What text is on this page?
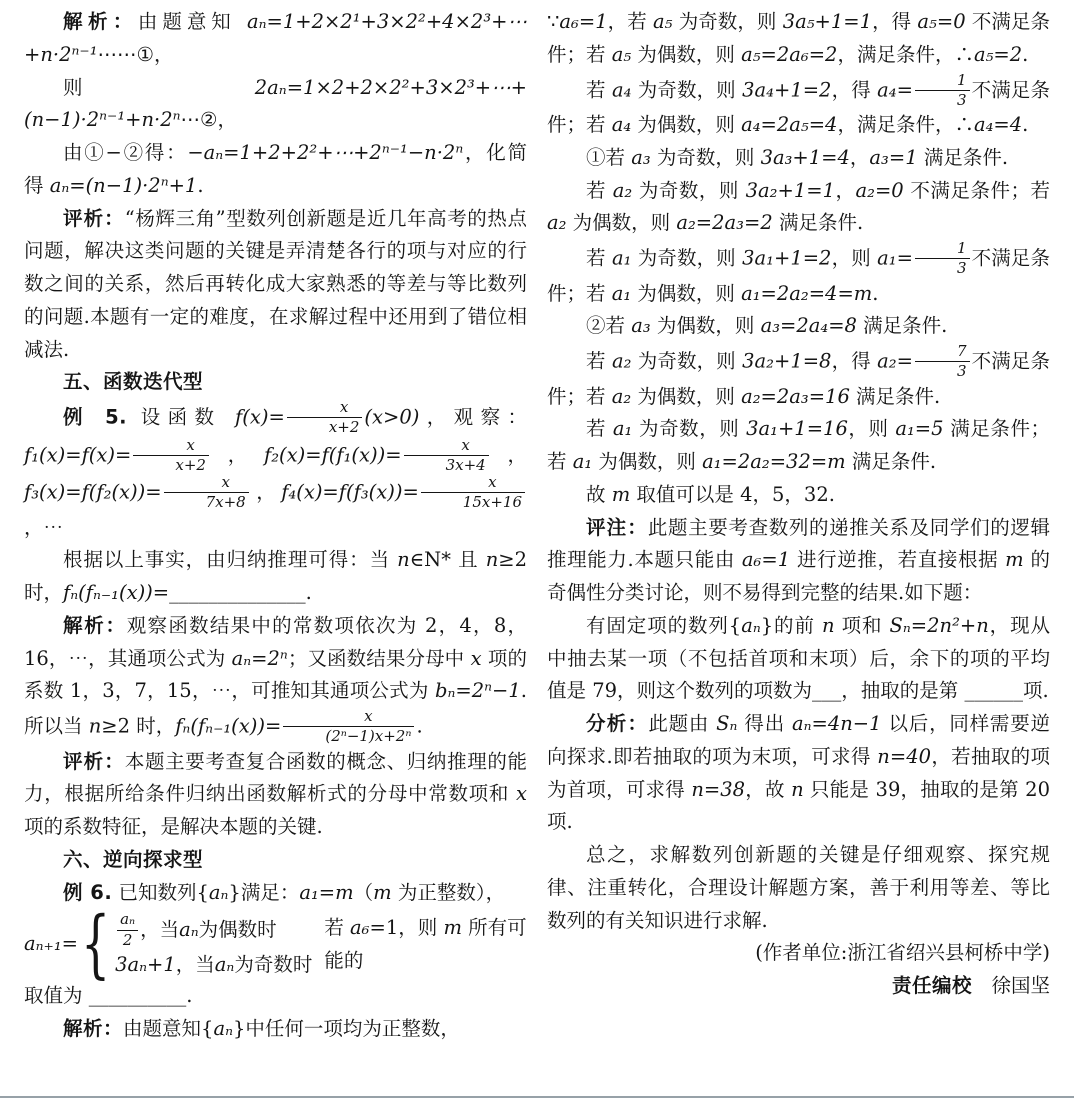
解析：由题意知 aₙ=1+2×2¹+3×2²+4×2³+⋯+n·2ⁿ⁻¹⋯⋯①，

则 2aₙ=1×2+2×2²+3×2³+⋯+(n−1)·2ⁿ⁻¹+n·2ⁿ⋯②，

由①−②得：−aₙ=1+2+2²+⋯+2ⁿ⁻¹−n·2ⁿ，化简得 aₙ=(n−1)·2ⁿ+1.

评析：“杨辉三角”型数列创新题是近几年高考的热点问题，解决这类问题的关键是弄清楚各行的项与对应的行数之间的关系，然后再转化成大家熟悉的等差与等比数列的问题.本题有一定的难度，在求解过程中还用到了错位相减法.

五、函数迭代型

例 5. 设函数 $f(x)= \frac{x}{x+2} (x>0)$，观察：$f_1(x)=f(x)= \frac{x}{x+2}$ ，$f_2(x)=f(f_1(x))= \frac{x}{3x+4}$ ，$f_3(x)=f(f_2(x))= \frac{x}{7x+8}$ ，$f_4(x)=f(f_3(x))= \frac{x}{15x+16}$
，⋯

根据以上事实，由归纳推理可得：当 n∈N* 且 n≥2 时，fₙ(fₙ₋₁(x))=______________.

解析：观察函数结果中的常数项依次为 2，4，8，16，⋯，其通项公式为 aₙ=2ⁿ；又函数结果分母中 x 项的系数 1，3，7，15，⋯，可推知其通项公式为 bₙ=2ⁿ−1.所以当 n≥2 时，$f_n(f_{n-1}(x))= \frac{x}{\text{(2ⁿ−1)x+2ⁿ}}$ .

评析：本题主要考查复合函数的概念、归纳推理的能力，根据所给条件归纳出函数解析式的分母中常数项和 x 项的系数特征，是解决本题的关键.

六、逆向探求型

例 6. 已知数列{aₙ}满足：a₁=m（m 为正整数），

aₙ₊₁= { $\frac{\text{aₙ}}{2}$ ，当 aₙ 为偶数时
3aₙ+1 ，当 aₙ 为奇数时
若 a₆=1，则 m 所有可能的

取值为 __________.

解析：由题意知{aₙ}中任何一项均为正整数，

∵a₆=1，若 a₅ 为奇数，则 3a₅+1=1，得 a₅=0 不满足条件；若 a₅ 为偶数，则 a₅=2a₆=2，满足条件，∴a₅=2.

若 a₄ 为奇数，则 3a₄+1=2，得 $a_4= \frac{1}{3}$ 不满足条件；若 a₄ 为偶数，则 a₄=2a₅=4，满足条件，∴a₄=4.

①若 a₃ 为奇数，则 3a₃+1=4，a₃=1 满足条件.

若 a₂ 为奇数，则 3a₂+1=1，a₂=0 不满足条件；若 a₂ 为偶数，则 a₂=2a₃=2 满足条件.

若 a₁ 为奇数，则 3a₁+1=2，则 $a_1= \frac{1}{3}$ 不满足条件；若 a₁ 为偶数，则 a₁=2a₂=4=m.

②若 a₃ 为偶数，则 a₃=2a₄=8 满足条件.

若 a₂ 为奇数，则 3a₂+1=8，得 $a_2= \frac{7}{3}$ 不满足条件；若 a₂ 为偶数，则 a₂=2a₃=16 满足条件.

若 a₁ 为奇数，则 3a₁+1=16，则 a₁=5 满足条件；若 a₁ 为偶数，则 a₁=2a₂=32=m 满足条件.

故 m 取值可以是 4，5，32.

评注：此题主要考查数列的递推关系及同学们的逻辑推理能力.本题只能由 a₆=1 进行逆推，若直接根据 m 的奇偶性分类讨论，则不易得到完整的结果.如下题：

有固定项的数列{aₙ}的前 n 项和 Sₙ=2n²+n，现从中抽去某一项（不包括首项和末项）后，余下的项的平均值是 79，则这个数列的项数为___，抽取的是第 ______项.

分析：此题由 Sₙ 得出 aₙ=4n−1 以后，同样需要逆向探求.即若抽取的项为末项，可求得 n=40，若抽取的项为首项，可求得 n=38，故 n 只能是 39，抽取的是第 20 项.

总之，求解数列创新题的关键是仔细观察、探究规律、注重转化，合理设计解题方案，善于利用等差、等比数列的有关知识进行求解.

(作者单位:浙江省绍兴县柯桥中学)

责任编校　徐国坚
